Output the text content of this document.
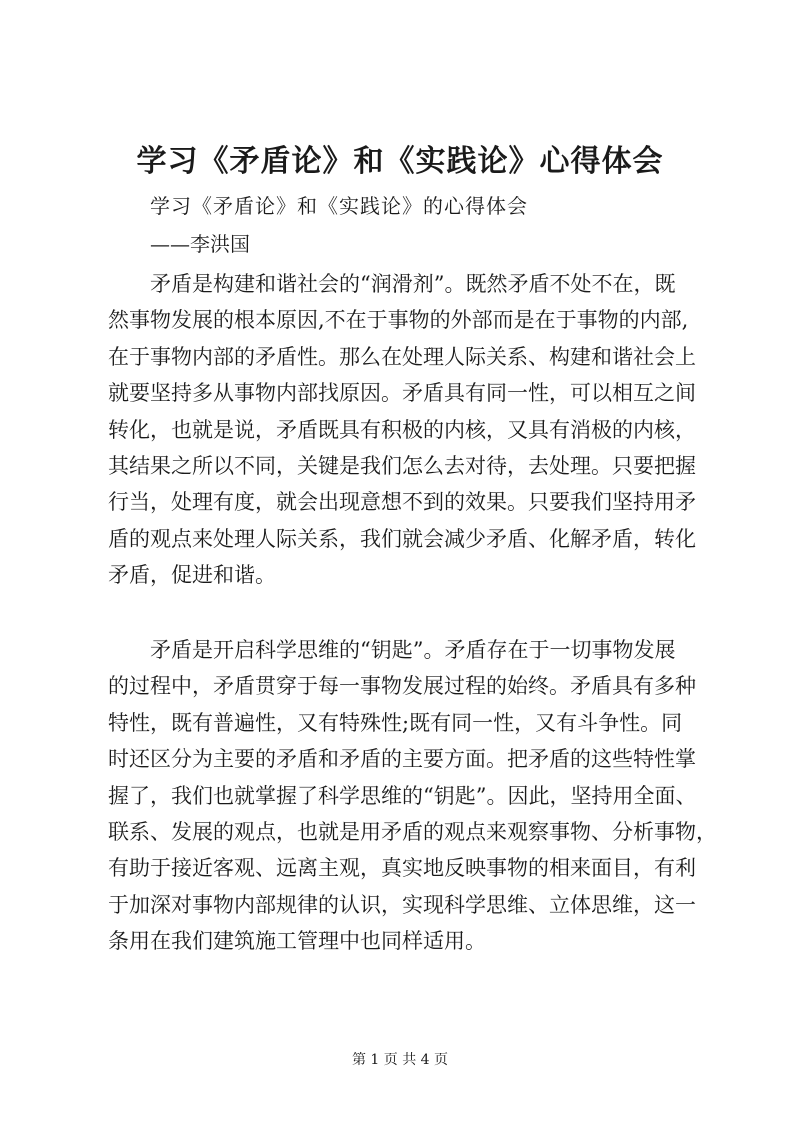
学习《矛盾论》和《实践论》心得体会

学习《矛盾论》和《实践论》的心得体会

——李洪国

矛盾是构建和谐社会的“润滑剂”。既然矛盾不处不在，既
然事物发展的根本原因,不在于事物的外部而是在于事物的内部,
在于事物内部的矛盾性。那么在处理人际关系、构建和谐社会上
就要坚持多从事物内部找原因。矛盾具有同一性，可以相互之间
转化，也就是说，矛盾既具有积极的内核，又具有消极的内核，
其结果之所以不同，关键是我们怎么去对待，去处理。只要把握
行当，处理有度，就会出现意想不到的效果。只要我们坚持用矛
盾的观点来处理人际关系，我们就会减少矛盾、化解矛盾，转化
矛盾，促进和谐。
矛盾是开启科学思维的“钥匙”。矛盾存在于一切事物发展
的过程中，矛盾贯穿于每一事物发展过程的始终。矛盾具有多种
特性，既有普遍性，又有特殊性;既有同一性，又有斗争性。同
时还区分为主要的矛盾和矛盾的主要方面。把矛盾的这些特性掌
握了，我们也就掌握了科学思维的“钥匙”。因此，坚持用全面、
联系、发展的观点，也就是用矛盾的观点来观察事物、分析事物，
有助于接近客观、远离主观，真实地反映事物的相来面目，有利
于加深对事物内部规律的认识，实现科学思维、立体思维，这一
条用在我们建筑施工管理中也同样适用。

第 1 页 共 4 页
